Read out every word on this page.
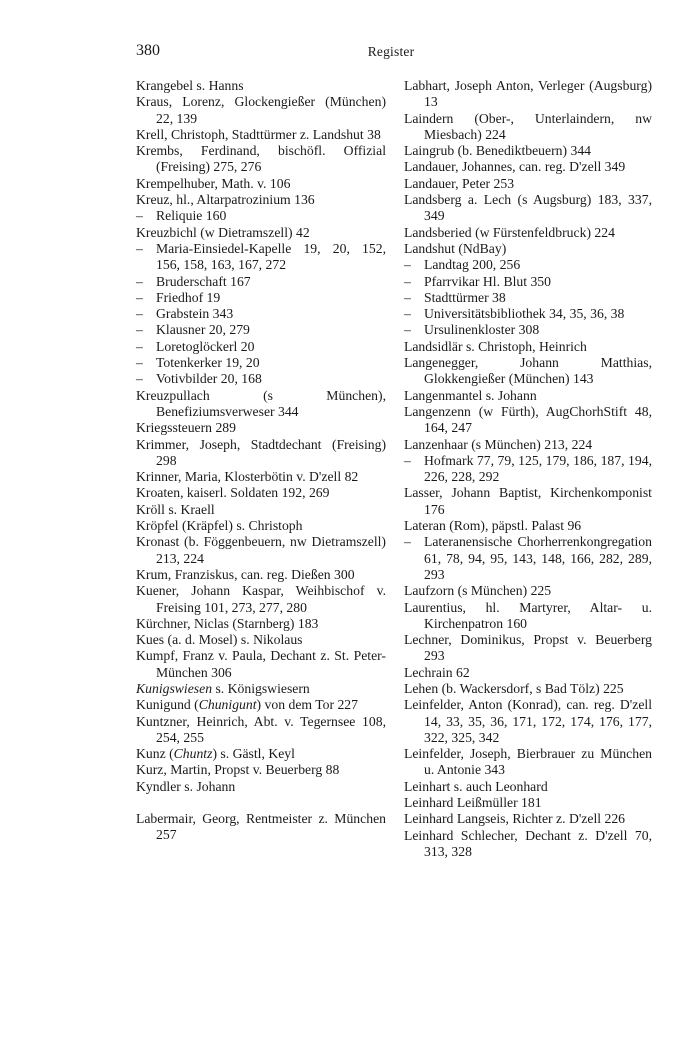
380	Register
Krangebel s. Hanns
Kraus, Lorenz, Glockengießer (München) 22, 139
Krell, Christoph, Stadttürmer z. Landshut 38
Krembs, Ferdinand, bischöfl. Offizial (Freising) 275, 276
Krempelhuber, Math. v. 106
Kreuz, hl., Altarpatrozinium 136
– Reliquie 160
Kreuzbichl (w Dietramszell) 42
– Maria-Einsiedel-Kapelle 19, 20, 152, 156, 158, 163, 167, 272
– Bruderschaft 167
– Friedhof 19
– Grabstein 343
– Klausner 20, 279
– Loretoglöckerl 20
– Totenkerker 19, 20
– Votivbilder 20, 168
Kreuzpullach (s München), Benefiziumsverweser 344
Kriegssteuern 289
Krimmer, Joseph, Stadtdechant (Freising) 298
Krinner, Maria, Klosterbötin v. D'zell 82
Kroaten, kaiserl. Soldaten 192, 269
Kröll s. Kraell
Kröpfel (Kräpfel) s. Christoph
Kronast (b. Föggenbeuern, nw Dietramszell) 213, 224
Krum, Franziskus, can. reg. Dießen 300
Kuener, Johann Kaspar, Weihbischof v. Freising 101, 273, 277, 280
Kürchner, Niclas (Starnberg) 183
Kues (a. d. Mosel) s. Nikolaus
Kumpf, Franz v. Paula, Dechant z. St. Peter-München 306
Kunigswiesen s. Königswiesern
Kunigund (Chunigunt) von dem Tor 227
Kuntzner, Heinrich, Abt. v. Tegernsee 108, 254, 255
Kunz (Chuntz) s. Gästl, Keyl
Kurz, Martin, Propst v. Beuerberg 88
Kyndler s. Johann
Labermair, Georg, Rentmeister z. München 257
Labhart, Joseph Anton, Verleger (Augsburg) 13
Laindern (Ober-, Unterlaindern, nw Miesbach) 224
Laingrub (b. Benediktbeuern) 344
Landauer, Johannes, can. reg. D'zell 349
Landauer, Peter 253
Landsberg a. Lech (s Augsburg) 183, 337, 349
Landsberied (w Fürstenfeldbruck) 224
Landshut (NdBay)
– Landtag 200, 256
– Pfarrvikar Hl. Blut 350
– Stadttürmer 38
– Universitätsbibliothek 34, 35, 36, 38
– Ursulinenkloster 308
Landsidlär s. Christoph, Heinrich
Langenegger, Johann Matthias, Glokkengießer (München) 143
Langenmantel s. Johann
Langenzenn (w Fürth), AugChorhStift 48, 164, 247
Lanzenhaar (s München) 213, 224
– Hofmark 77, 79, 125, 179, 186, 187, 194, 226, 228, 292
Lasser, Johann Baptist, Kirchenkomponist 176
Lateran (Rom), päpstl. Palast 96
– Lateranensische Chorherrenkongregation 61, 78, 94, 95, 143, 148, 166, 282, 289, 293
Laufzorn (s München) 225
Laurentius, hl. Martyrer, Altar- u. Kirchenpatron 160
Lechner, Dominikus, Propst v. Beuerberg 293
Lechrain 62
Lehen (b. Wackersdorf, s Bad Tölz) 225
Leinfelder, Anton (Konrad), can. reg. D'zell 14, 33, 35, 36, 171, 172, 174, 176, 177, 322, 325, 342
Leinfelder, Joseph, Bierbrauer zu München u. Antonie 343
Leinhart s. auch Leonhard
Leinhard Leißmüller 181
Leinhard Langseis, Richter z. D'zell 226
Leinhard Schlecher, Dechant z. D'zell 70, 313, 328
